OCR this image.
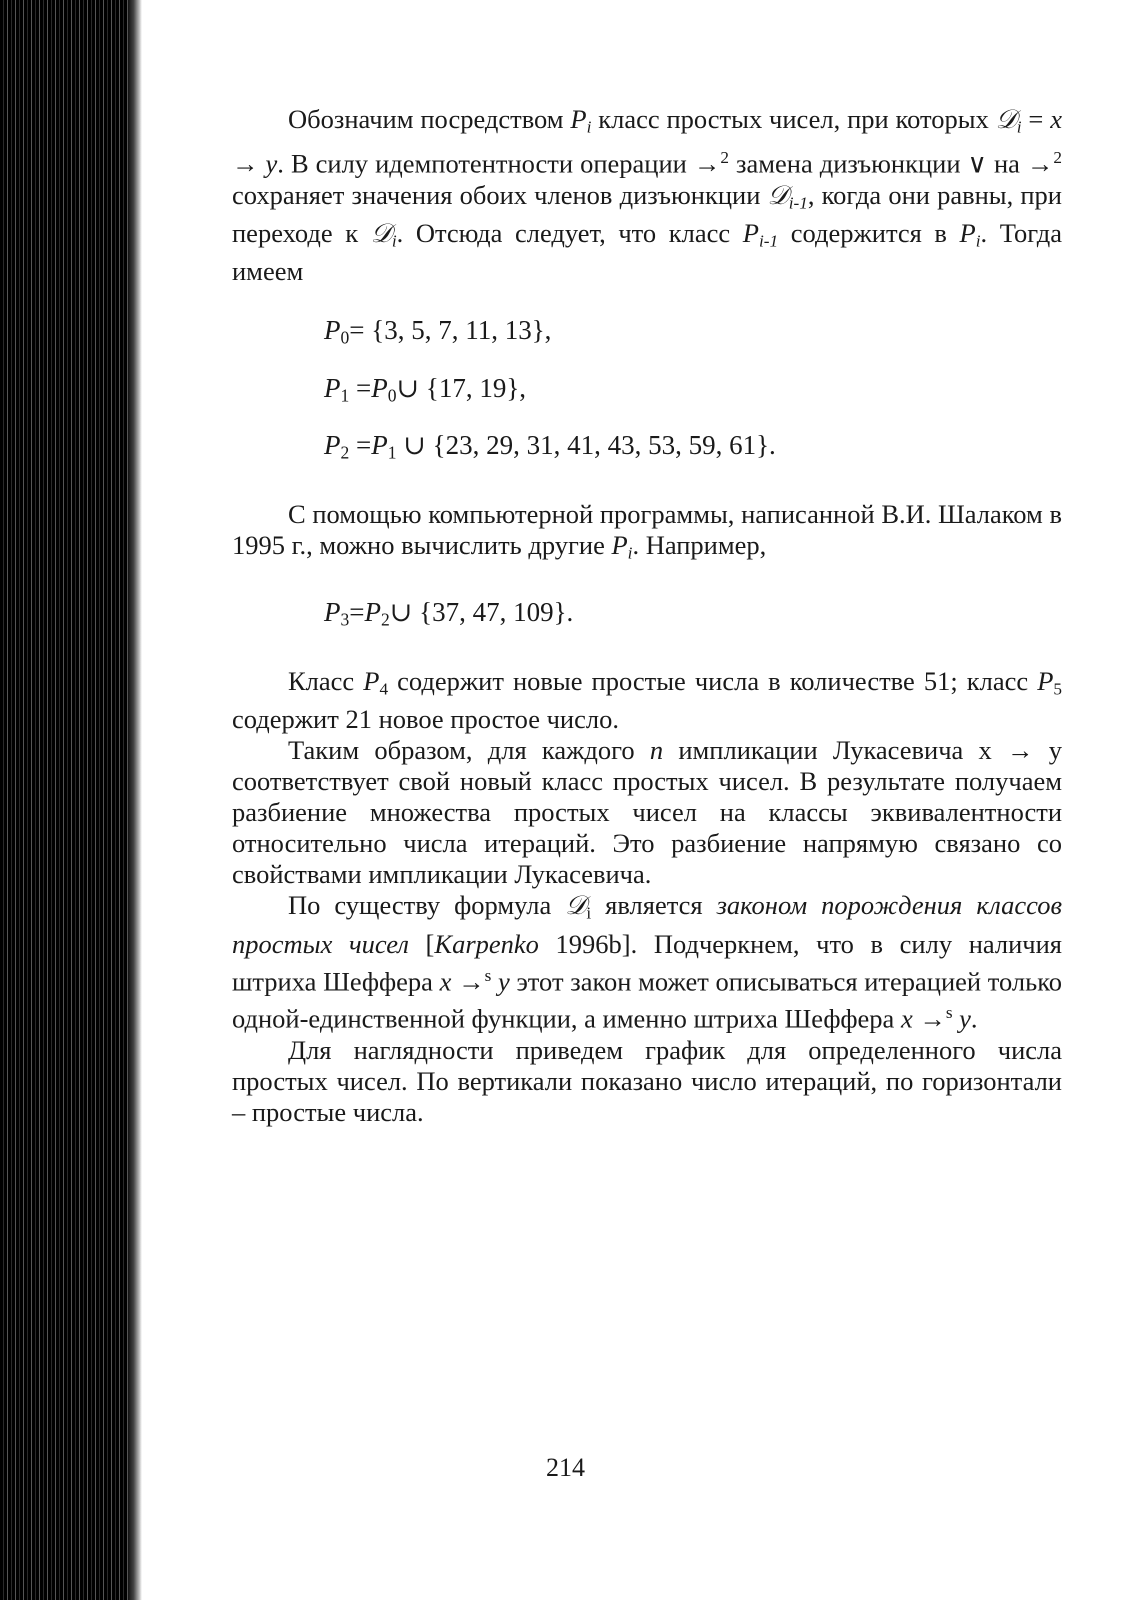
Обозначим посредством $P_i$ класс простых чисел, при которых 𝒟$_i$ = x → y. В силу идемпотентности операции →$^2$ замена дизъюнкции ∨ на →$^2$ сохраняет значения обоих членов дизъюнкции 𝒟$_{i-1}$, когда они равны, при переходе к 𝒟$_i$. Отсюда следует, что класс $P_{i-1}$ содержится в $P_i$. Тогда имеем

$P_0= \{3$, 5, 7, 11, 13},

$P_1$ $=P_0\cup$ {17, 19},

$P_2 =P_1$ ∪ {23, 29, 31, 41, 43, 53, 59, 61}.

С помощью компьютерной программы, написанной В.И. Шалаком в 1995 г., можно вычислить другие $P_i$. Например,

$P_3=P_2\cup$ {37, 47, 109}.

Класс $P_4$ содержит новые простые числа в количестве 51; класс $P_5$ содержит 21 новое простое число.

Таким образом, для каждого n импликации Лукасевича x → y соответствует свой новый класс простых чисел. В результате получаем разбиение множества простых чисел на классы эквивалентности относительно числа итераций. Это разбиение напрямую связано со свойствами импликации Лукасевича.

По существу формула 𝒟$_i$ является законом порождения классов простых чисел [Karpenko 1996b]. Подчеркнем, что в силу наличия штриха Шеффера x →$^s$ y этот закон может описываться итерацией только одной-единственной функции, а именно штриха Шеффера x →$^s$ y.

Для наглядности приведем график для определенного числа простых чисел. По вертикали показано число итераций, по горизонтали – простые числа.

214
